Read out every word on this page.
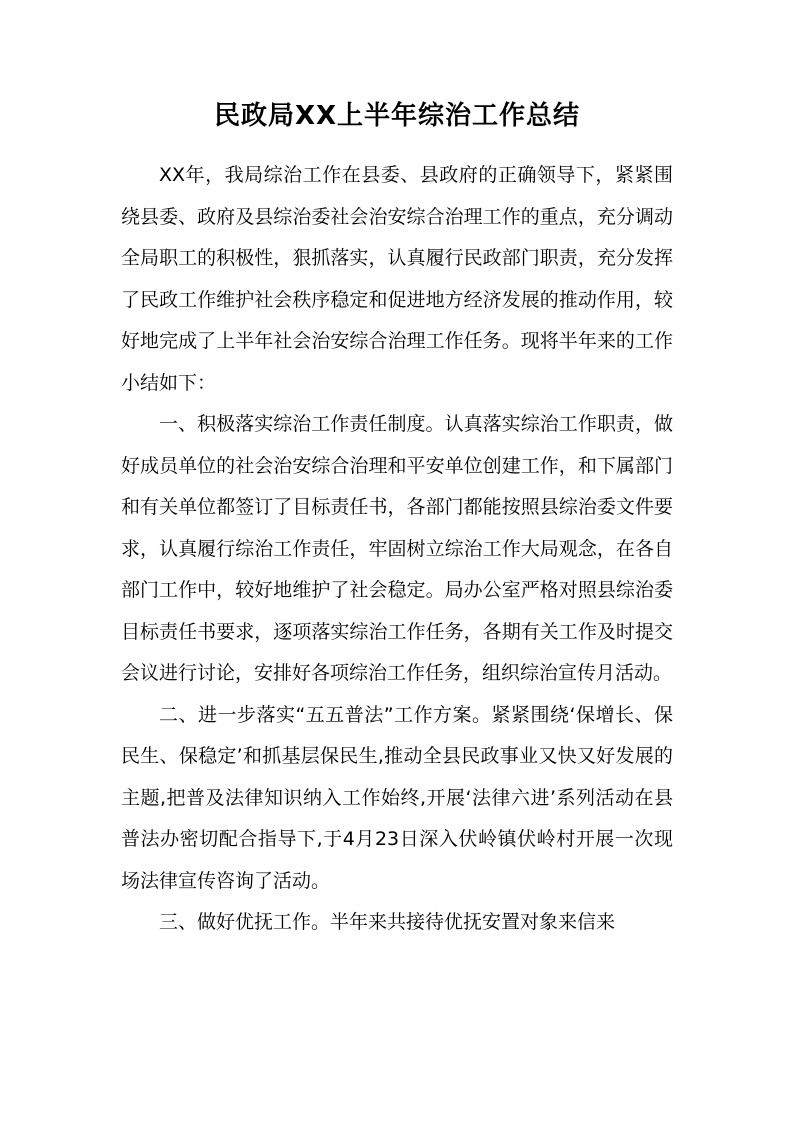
民政局XX上半年综治工作总结

XX年，我局综治工作在县委、县政府的正确领导下，紧紧围绕县委、政府及县综治委社会治安综合治理工作的重点，充分调动全局职工的积极性，狠抓落实，认真履行民政部门职责，充分发挥了民政工作维护社会秩序稳定和促进地方经济发展的推动作用，较好地完成了上半年社会治安综合治理工作任务。现将半年来的工作小结如下：

一、积极落实综治工作责任制度。认真落实综治工作职责，做好成员单位的社会治安综合治理和平安单位创建工作，和下属部门和有关单位都签订了目标责任书，各部门都能按照县综治委文件要求，认真履行综治工作责任，牢固树立综治工作大局观念，在各自部门工作中，较好地维护了社会稳定。局办公室严格对照县综治委目标责任书要求，逐项落实综治工作任务，各期有关工作及时提交会议进行讨论，安排好各项综治工作任务，组织综治宣传月活动。

二、进一步落实“五五普法”工作方案。紧紧围绕‘保增长、保民生、保稳定’和抓基层保民生,推动全县民政事业又快又好发展的主题,把普及法律知识纳入工作始终,开展‘法律六进’系列活动在县普法办密切配合指导下,于4月23日深入伏岭镇伏岭村开展一次现场法律宣传咨询了活动。

三、做好优抚工作。半年来共接待优抚安置对象来信来
